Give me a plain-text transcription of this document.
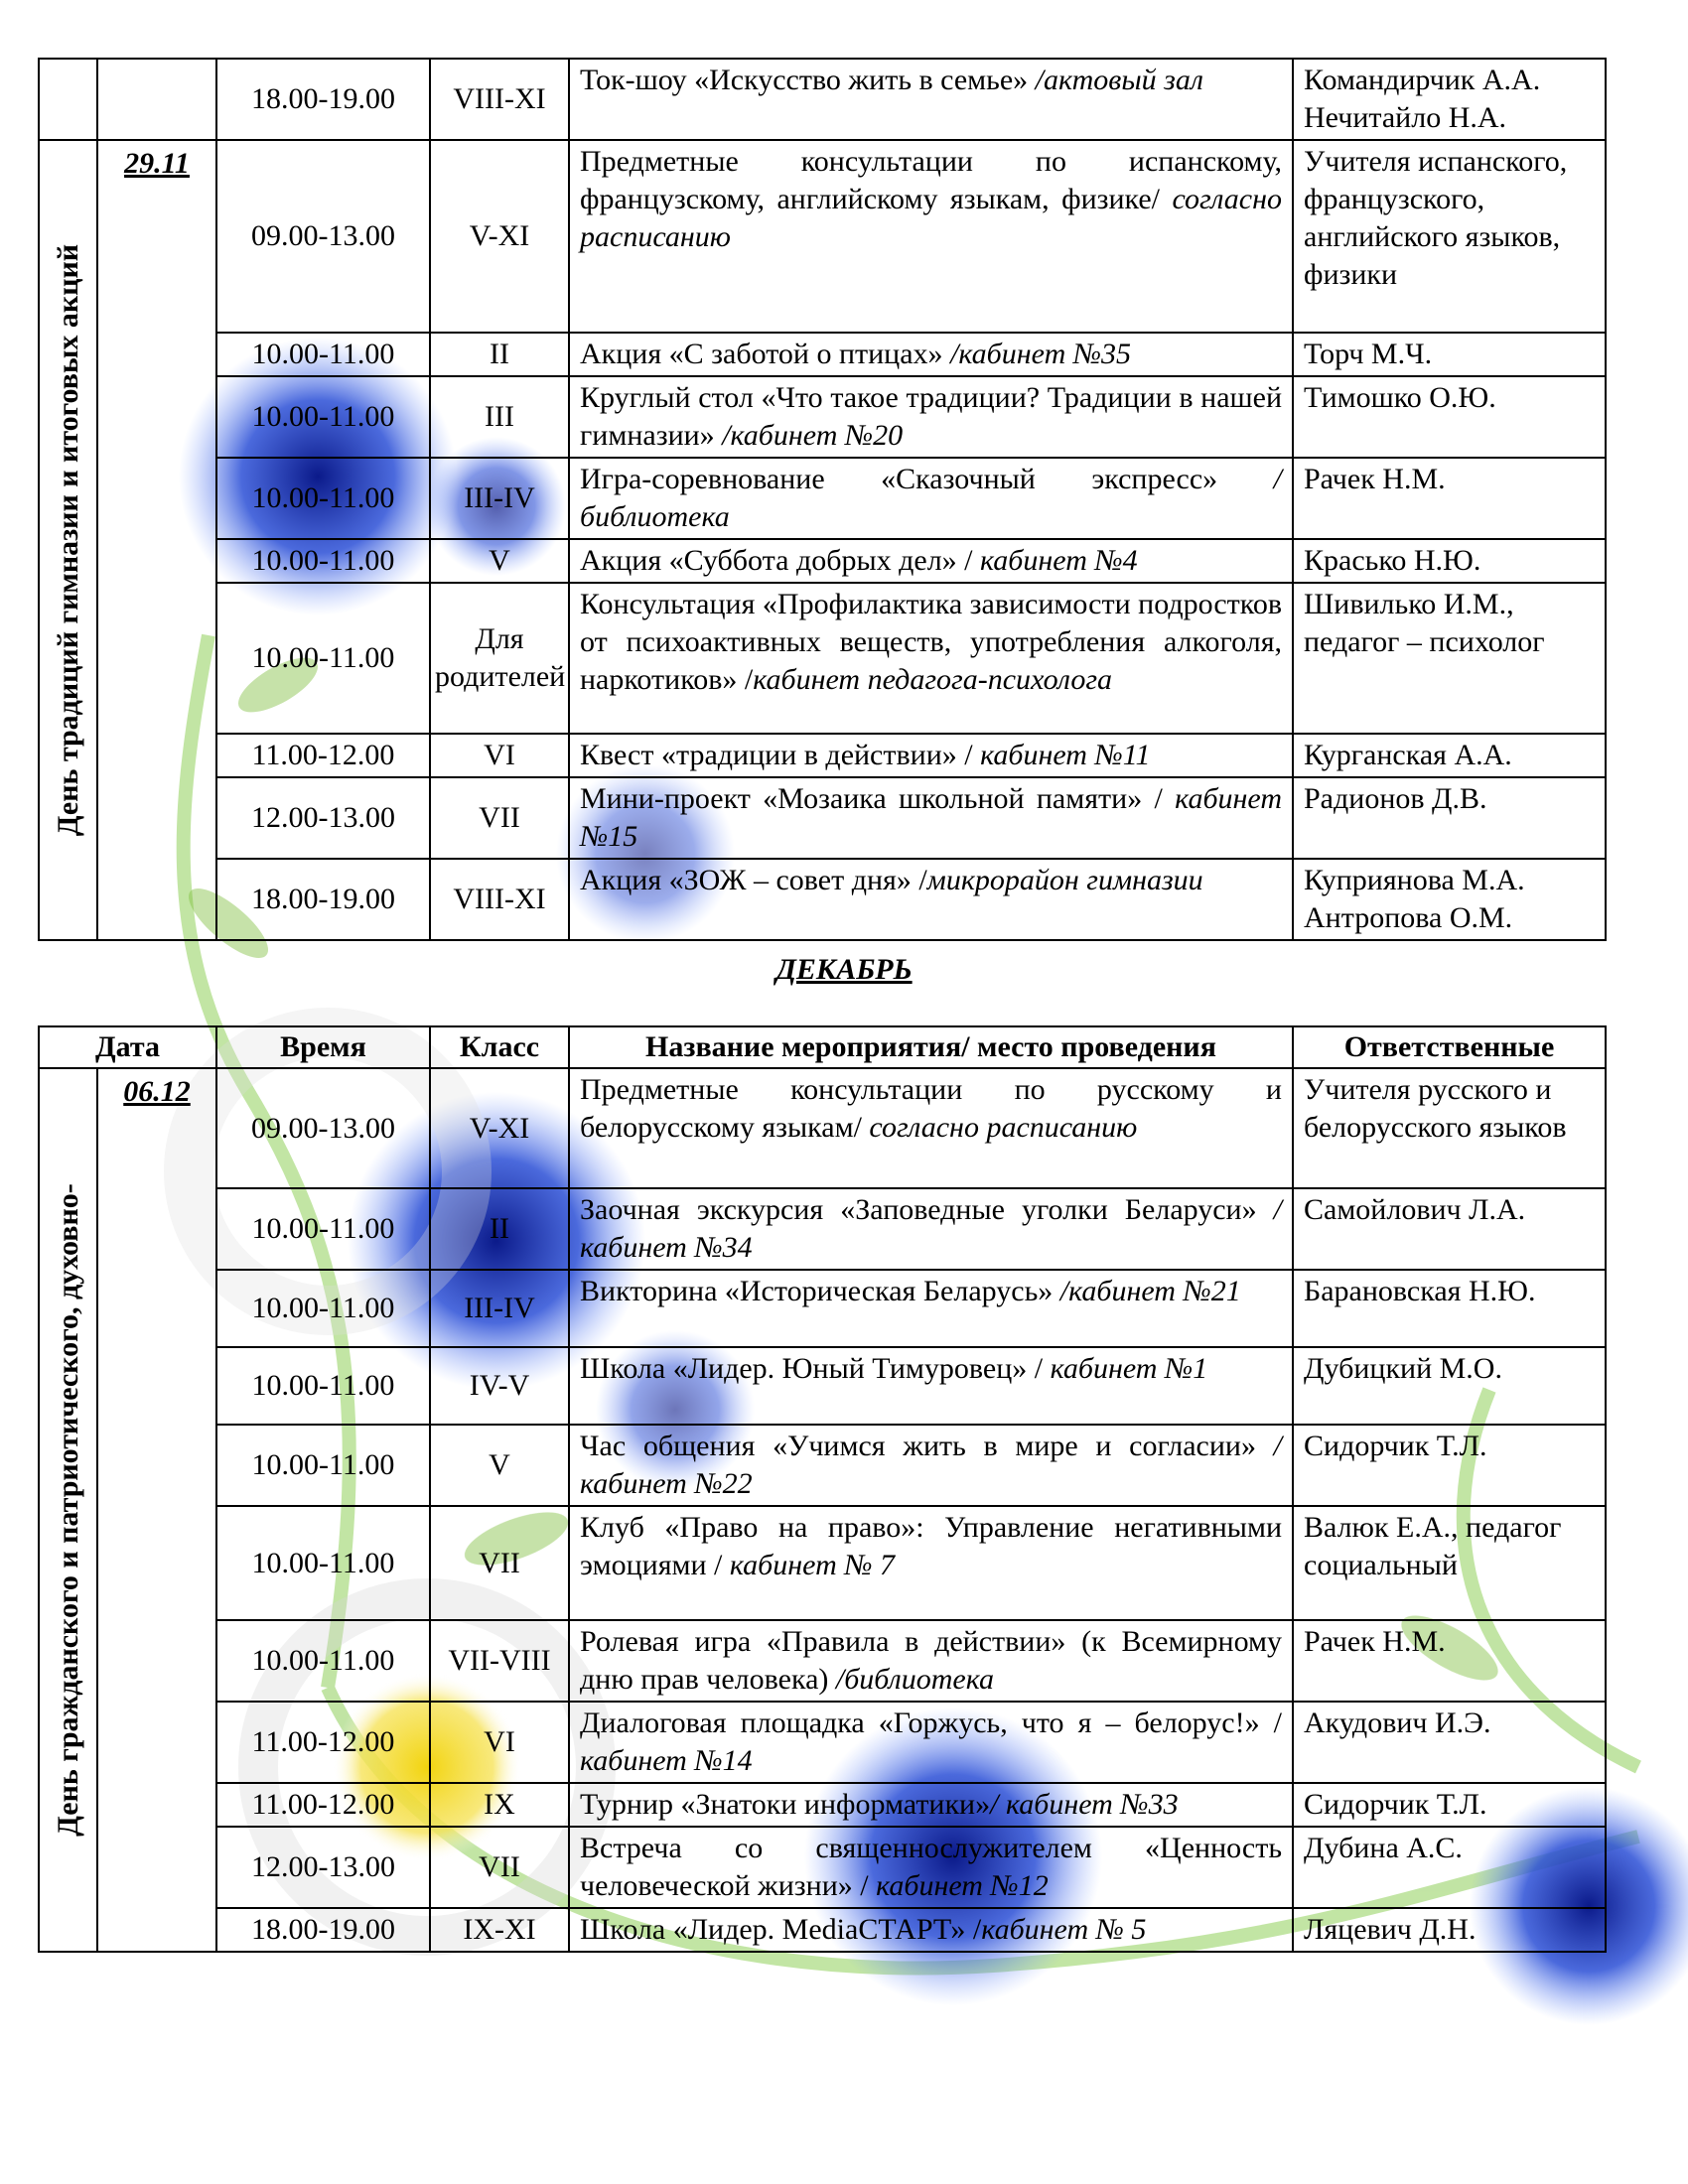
		18.00-19.00	VIII-XI	Ток-шоу «Искусство жить в семье» /актовый зал	Командирчик А.А. Нечитайло Н.А.

День традиций гимназии и итоговых акций	29.11	09.00-13.00	V-XI	Предметные консультации по испанскому, французскому, английскому языкам, физике/ согласно расписанию	Учителя испанского, французского, английского языков, физики
		10.00-11.00	II	Акция «С заботой о птицах» /кабинет №35	Торч М.Ч.
		10.00-11.00	III	Круглый стол «Что такое традиции? Традиции в нашей гимназии» /кабинет №20	Тимошко О.Ю.
		10.00-11.00	III-IV	Игра-соревнование «Сказочный экспресс» /библиотека	Рачек Н.М.
		10.00-11.00	V	Акция «Суббота добрых дел» / кабинет №4	Красько Н.Ю.
		10.00-11.00	Для родителей	Консультация «Профилактика зависимости подростков от психоактивных веществ, употребления алкоголя, наркотиков» /кабинет педагога-психолога	Шивилько И.М., педагог – психолог
		11.00-12.00	VI	Квест «традиции в действии» / кабинет №11	Курганская А.А.
		12.00-13.00	VII	Мини-проект «Мозаика школьной памяти» / кабинет №15	Радионов Д.В.
		18.00-19.00	VIII-XI	Акция «ЗОЖ – совет дня» /микрорайон гимназии	Куприянова М.А. Антропова О.М.
ДЕКАБРЬ
Дата		Время	Класс	Название мероприятия/ место проведения	Ответственные

День гражданского и патриотического, духовно-	06.12	09.00-13.00	V-XI	Предметные консультации по русскому и белорусскому языкам/ согласно расписанию	Учителя русского и белорусского языков
		10.00-11.00	II	Заочная экскурсия «Заповедные уголки Беларуси» /кабинет №34	Самойлович Л.А.
		10.00-11.00	III-IV	Викторина «Историческая Беларусь» /кабинет №21	Барановская Н.Ю.
		10.00-11.00	IV-V	Школа «Лидер. Юный Тимуровец» / кабинет №1	Дубицкий М.О.
		10.00-11.00	V	Час общения «Учимся жить в мире и согласии» /кабинет №22	Сидорчик Т.Л.
		10.00-11.00	VII	Клуб «Право на право»: Управление негативными эмоциями / кабинет № 7	Валюк Е.А., педагог социальный
		10.00-11.00	VII-VIII	Ролевая игра «Правила в действии» (к Всемирному дню прав человека) /библиотека	Рачек Н.М.
		11.00-12.00	VI	Диалоговая площадка «Горжусь, что я – белорус!» / кабинет №14	Акудович И.Э.
		11.00-12.00	IX	Турнир «Знатоки информатики»/ кабинет №33	Сидорчик Т.Л.
		12.00-13.00	VII	Встреча со священнослужителем «Ценность человеческой жизни» / кабинет №12	Дубина А.С.
		18.00-19.00	IX-XI	Школа «Лидер. MediaСТАРТ» /кабинет № 5	Ляцевич Д.Н.
